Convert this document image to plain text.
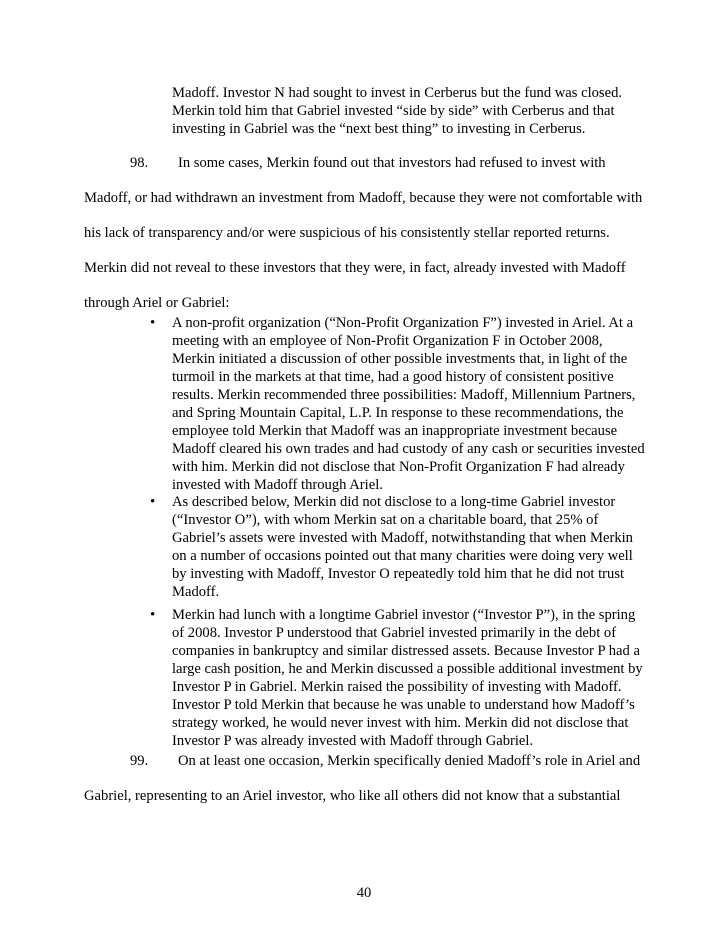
Madoff. Investor N had sought to invest in Cerberus but the fund was closed. Merkin told him that Gabriel invested “side by side” with Cerberus and that investing in Gabriel was the “next best thing” to investing in Cerberus.
98. In some cases, Merkin found out that investors had refused to invest with Madoff, or had withdrawn an investment from Madoff, because they were not comfortable with his lack of transparency and/or were suspicious of his consistently stellar reported returns. Merkin did not reveal to these investors that they were, in fact, already invested with Madoff through Ariel or Gabriel:
• A non-profit organization (“Non-Profit Organization F”) invested in Ariel. At a meeting with an employee of Non-Profit Organization F in October 2008, Merkin initiated a discussion of other possible investments that, in light of the turmoil in the markets at that time, had a good history of consistent positive results. Merkin recommended three possibilities: Madoff, Millennium Partners, and Spring Mountain Capital, L.P. In response to these recommendations, the employee told Merkin that Madoff was an inappropriate investment because Madoff cleared his own trades and had custody of any cash or securities invested with him. Merkin did not disclose that Non-Profit Organization F had already invested with Madoff through Ariel.
• As described below, Merkin did not disclose to a long-time Gabriel investor (“Investor O”), with whom Merkin sat on a charitable board, that 25% of Gabriel’s assets were invested with Madoff, notwithstanding that when Merkin on a number of occasions pointed out that many charities were doing very well by investing with Madoff, Investor O repeatedly told him that he did not trust Madoff.
• Merkin had lunch with a longtime Gabriel investor (“Investor P”), in the spring of 2008. Investor P understood that Gabriel invested primarily in the debt of companies in bankruptcy and similar distressed assets. Because Investor P had a large cash position, he and Merkin discussed a possible additional investment by Investor P in Gabriel. Merkin raised the possibility of investing with Madoff. Investor P told Merkin that because he was unable to understand how Madoff’s strategy worked, he would never invest with him. Merkin did not disclose that Investor P was already invested with Madoff through Gabriel.
99. On at least one occasion, Merkin specifically denied Madoff’s role in Ariel and Gabriel, representing to an Ariel investor, who like all others did not know that a substantial
40
